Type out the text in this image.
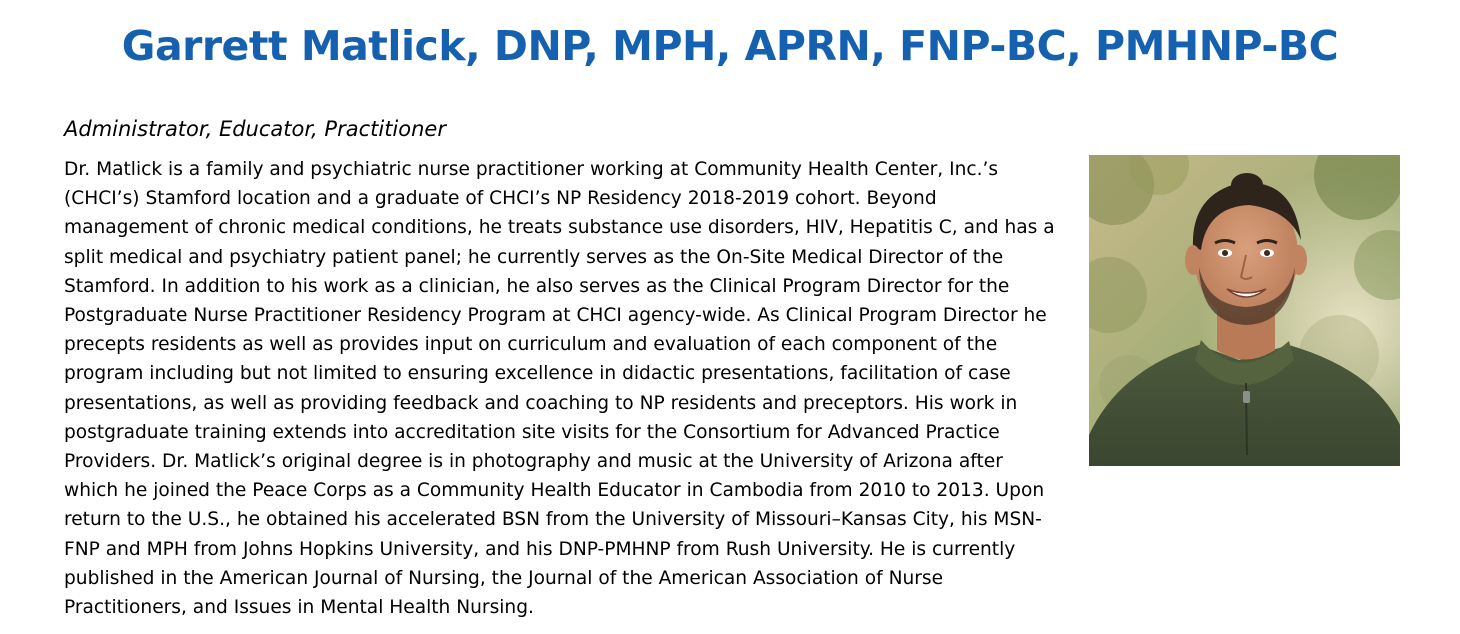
Garrett Matlick, DNP, MPH, APRN, FNP-BC, PMHNP-BC

Administrator, Educator, Practitioner

Dr. Matlick is a family and psychiatric nurse practitioner working at Community Health Center, Inc.’s
(CHCI’s) Stamford location and a graduate of CHCI’s NP Residency 2018-2019 cohort. Beyond
management of chronic medical conditions, he treats substance use disorders, HIV, Hepatitis C, and has a
split medical and psychiatry patient panel; he currently serves as the On-Site Medical Director of the
Stamford. In addition to his work as a clinician, he also serves as the Clinical Program Director for the
Postgraduate Nurse Practitioner Residency Program at CHCI agency-wide. As Clinical Program Director he
precepts residents as well as provides input on curriculum and evaluation of each component of the
program including but not limited to ensuring excellence in didactic presentations, facilitation of case
presentations, as well as providing feedback and coaching to NP residents and preceptors. His work in
postgraduate training extends into accreditation site visits for the Consortium for Advanced Practice
Providers. Dr. Matlick’s original degree is in photography and music at the University of Arizona after
which he joined the Peace Corps as a Community Health Educator in Cambodia from 2010 to 2013. Upon
return to the U.S., he obtained his accelerated BSN from the University of Missouri–Kansas City, his MSN-
FNP and MPH from Johns Hopkins University, and his DNP-PMHNP from Rush University. He is currently
published in the American Journal of Nursing, the Journal of the American Association of Nurse
Practitioners, and Issues in Mental Health Nursing.
